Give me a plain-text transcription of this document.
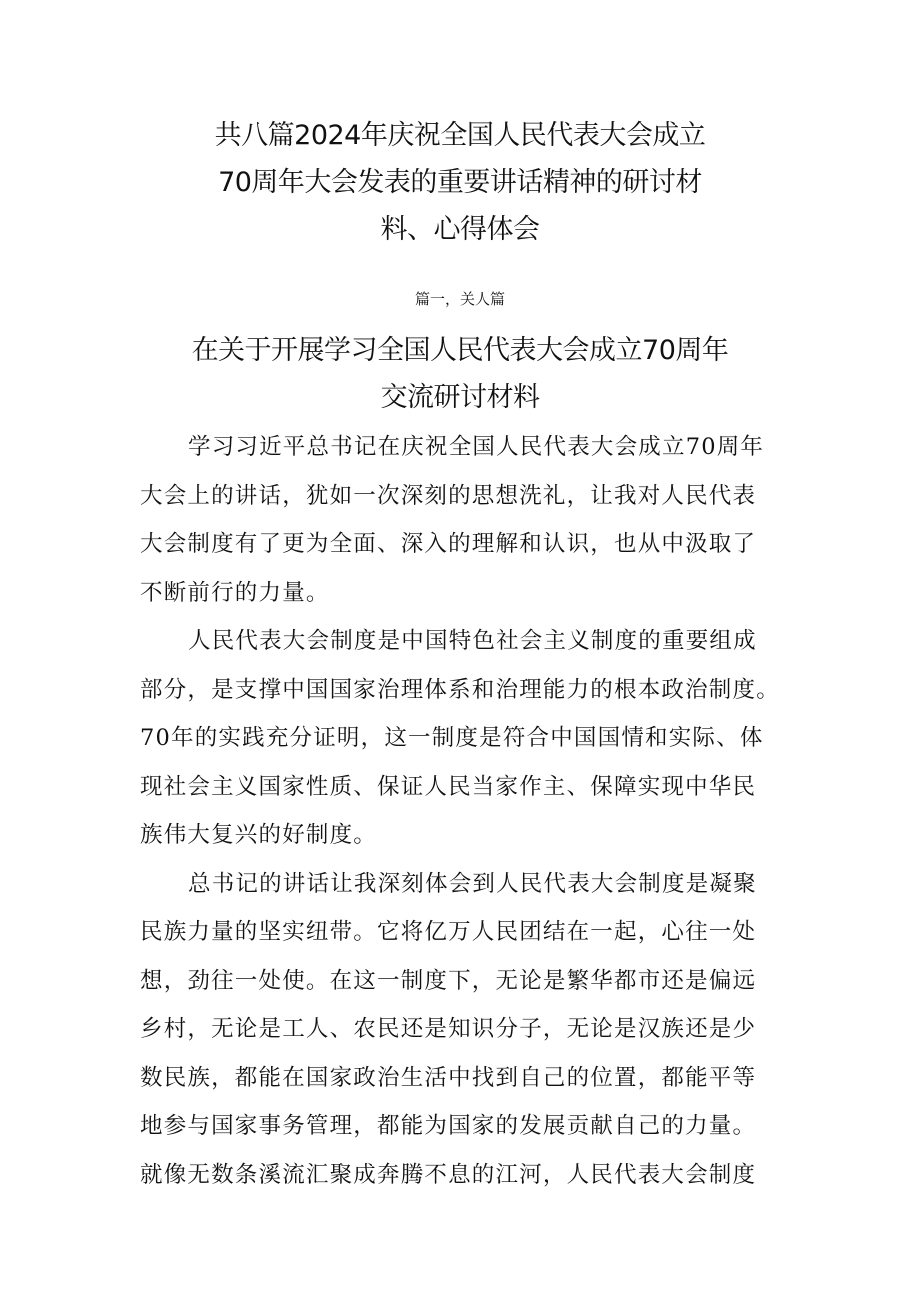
共八篇2024年庆祝全国人民代表大会成立
70周年大会发表的重要讲话精神的研讨材
料、心得体会

篇一，关人篇

在关于开展学习全国人民代表大会成立70周年
交流研讨材料

学习习近平总书记在庆祝全国人民代表大会成立70周年
大会上的讲话，犹如一次深刻的思想洗礼，让我对人民代表
大会制度有了更为全面、深入的理解和认识，也从中汲取了
不断前行的力量。

人民代表大会制度是中国特色社会主义制度的重要组成
部分，是支撑中国国家治理体系和治理能力的根本政治制度。
70年的实践充分证明，这一制度是符合中国国情和实际、体
现社会主义国家性质、保证人民当家作主、保障实现中华民
族伟大复兴的好制度。

总书记的讲话让我深刻体会到人民代表大会制度是凝聚
民族力量的坚实纽带。它将亿万人民团结在一起，心往一处
想，劲往一处使。在这一制度下，无论是繁华都市还是偏远
乡村，无论是工人、农民还是知识分子，无论是汉族还是少
数民族，都能在国家政治生活中找到自己的位置，都能平等
地参与国家事务管理，都能为国家的发展贡献自己的力量。
就像无数条溪流汇聚成奔腾不息的江河，人民代表大会制度
